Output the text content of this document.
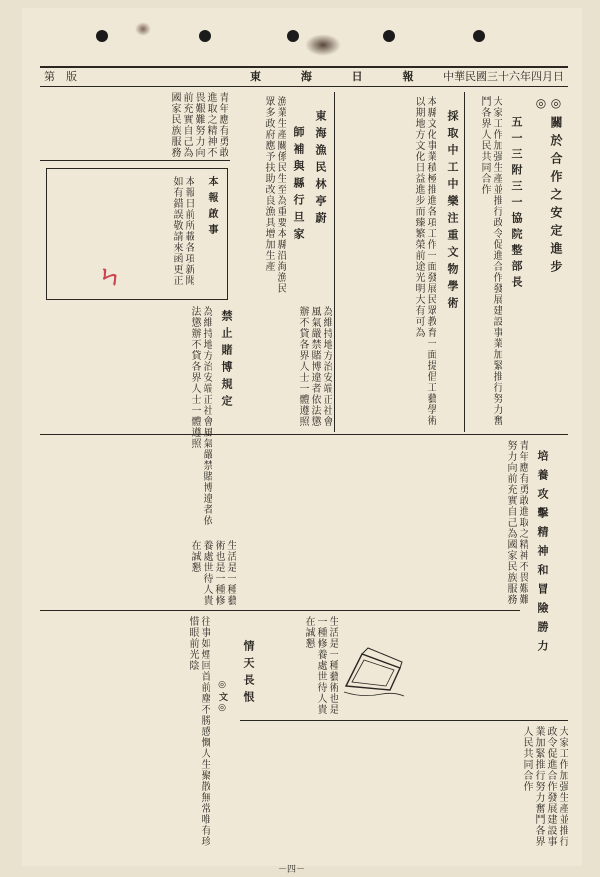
中華民國三十六年四月日
東 海 日 報
第　版
◎關於合作之安定進步◎
五一三附三一協院整部長
大家工作加强生產並推行政令促進合作發展建設事業加緊推行努力奮鬥各界人民共同合作
採取中工中樂注重文物學術
本縣文化事業積極推進各項工作一面發展民眾教育一面提倡工藝學術以期地方文化日益進步而臻繁榮前途光明大有可為
東海漁民林亭蔚
師補與縣行旦家
漁業生產關係民生至為重要本縣沿海漁民眾多政府應予扶助改良漁具增加生產
青年應有勇敢進取之精神不畏艱難努力向前充實自己為國家民族服務
本報啟事
本報日前所載各項新聞如有錯誤敬請來函更正
ㄣ
禁止賭博規定	為維持地方治安端正社會風氣嚴禁賭博違者依法懲辦不貸各界人士一體遵照
為維持地方治安端正社會風氣嚴禁賭博違者依法懲辦不貸各界人士一體遵照
培養攻擊精神和冒險勝力
青年應有勇敢進取之精神不畏艱難努力向前充實自己為國家民族服務
生活是一種藝術也是一種修養處世待人貴在誠懇
情天長恨
◎文◎
往事如煙回首前塵不勝感慨人生聚散無常唯有珍惜眼前光陰	生活是一種藝術也是一種修養處世待人貴在誠懇
大家工作加强生產並推行政令促進合作發展建設事業加緊推行努力奮鬥各界人民共同合作
－四－
